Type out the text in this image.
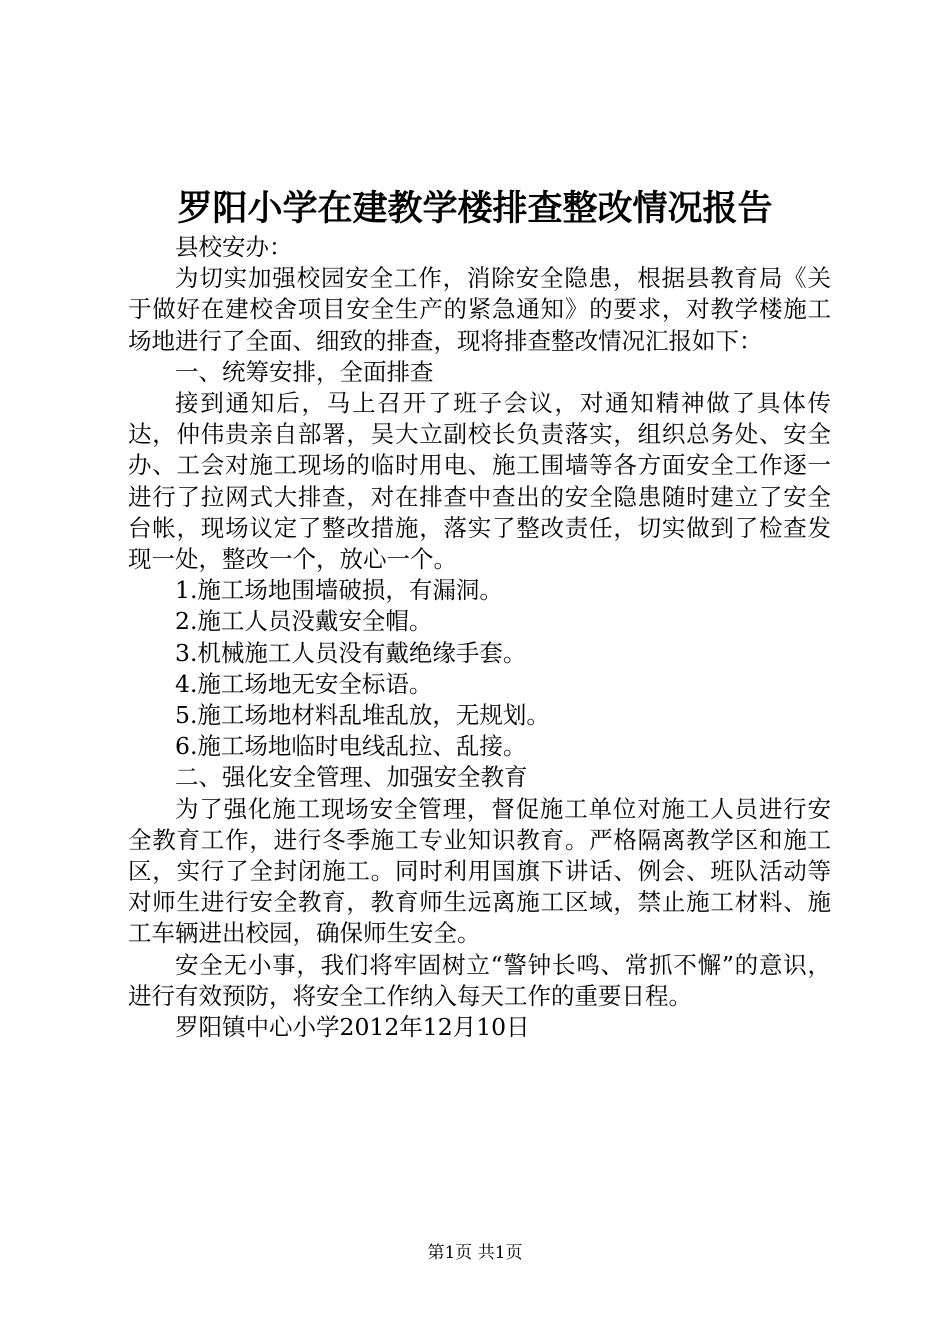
罗阳小学在建教学楼排查整改情况报告

县校安办：

为切实加强校园安全工作，消除安全隐患，根据县教育局《关于做好在建校舍项目安全生产的紧急通知》的要求，对教学楼施工场地进行了全面、细致的排查，现将排查整改情况汇报如下：

一、统筹安排，全面排查

接到通知后，马上召开了班子会议，对通知精神做了具体传达，仲伟贵亲自部署，吴大立副校长负责落实，组织总务处、安全办、工会对施工现场的临时用电、施工围墙等各方面安全工作逐一进行了拉网式大排查，对在排查中查出的安全隐患随时建立了安全台帐，现场议定了整改措施，落实了整改责任，切实做到了检查发现一处，整改一个，放心一个。

1.施工场地围墙破损，有漏洞。

2.施工人员没戴安全帽。

3.机械施工人员没有戴绝缘手套。

4.施工场地无安全标语。

5.施工场地材料乱堆乱放，无规划。

6.施工场地临时电线乱拉、乱接。

二、强化安全管理、加强安全教育

为了强化施工现场安全管理，督促施工单位对施工人员进行安全教育工作，进行冬季施工专业知识教育。严格隔离教学区和施工区，实行了全封闭施工。同时利用国旗下讲话、例会、班队活动等对师生进行安全教育，教育师生远离施工区域，禁止施工材料、施工车辆进出校园，确保师生安全。

安全无小事，我们将牢固树立“警钟长鸣、常抓不懈”的意识，进行有效预防，将安全工作纳入每天工作的重要日程。

罗阳镇中心小学2012年12月10日

第1页 共1页
